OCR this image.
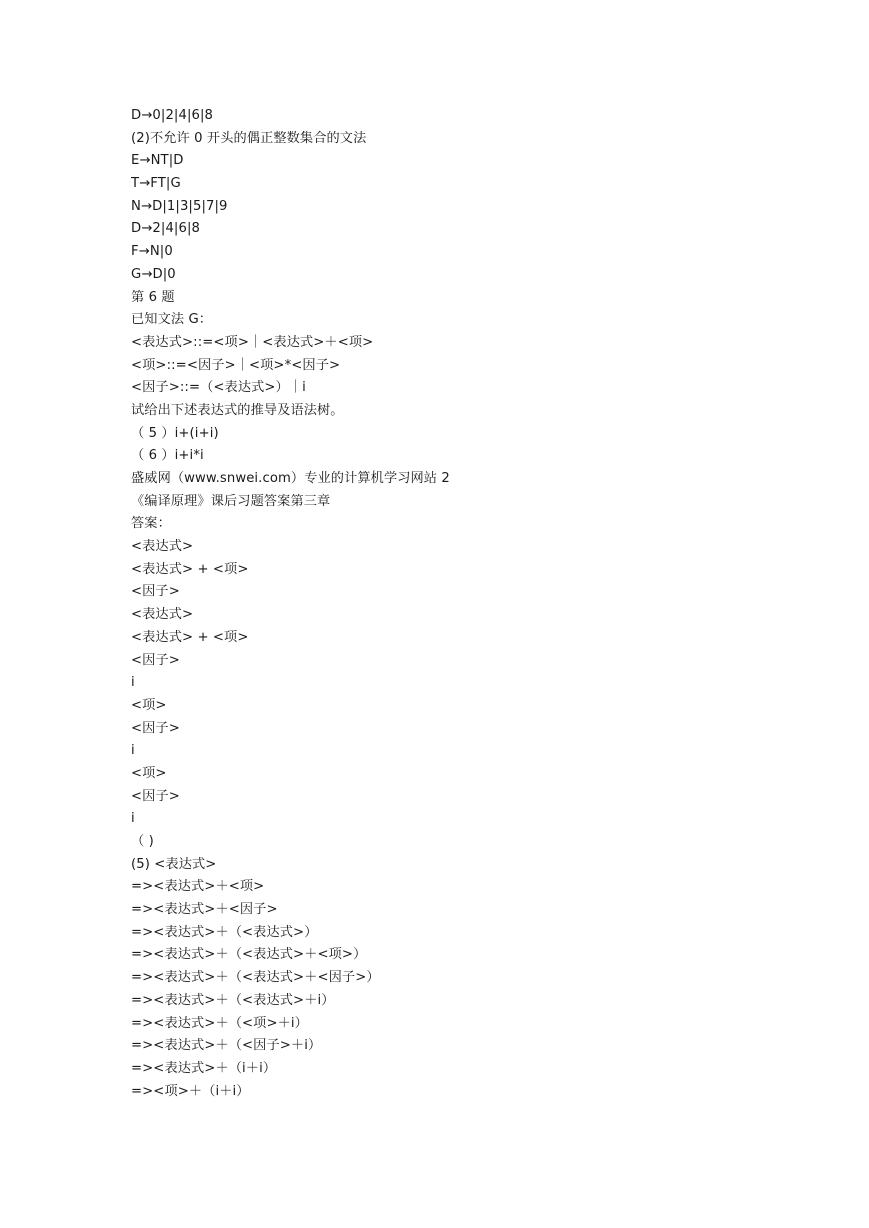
D→0|2|4|6|8
(2)不允许 0 开头的偶正整数集合的文法
E→NT|D
T→FT|G
N→D|1|3|5|7|9
D→2|4|6|8
F→N|0
G→D|0
第 6 题
已知文法 G：
<表达式>::=<项>｜<表达式>＋<项>
<项>::=<因子>｜<项>*<因子>
<因子>::=（<表达式>）｜i
试给出下述表达式的推导及语法树。
（ 5 ）i+(i+i)
（ 6 ）i+i*i
盛威网（www.snwei.com）专业的计算机学习网站 2
《编译原理》课后习题答案第三章
答案：
<表达式>
<表达式> + <项>
<因子>
<表达式>
<表达式> + <项>
<因子>
i
<项>
<因子>
i
<项>
<因子>
i
（ )
(5) <表达式>
=><表达式>＋<项>
=><表达式>＋<因子>
=><表达式>＋（<表达式>）
=><表达式>＋（<表达式>＋<项>）
=><表达式>＋（<表达式>＋<因子>）
=><表达式>＋（<表达式>＋i）
=><表达式>＋（<项>＋i）
=><表达式>＋（<因子>＋i）
=><表达式>＋（i＋i）
=><项>＋（i＋i）
